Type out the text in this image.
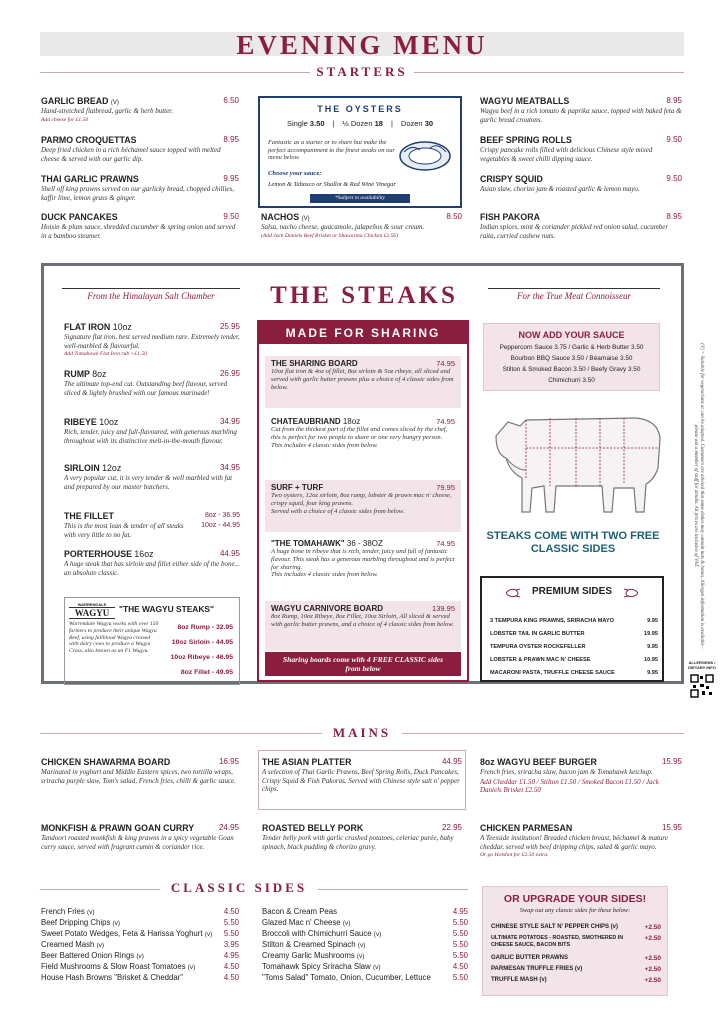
EVENING MENU
STARTERS
GARLIC BREAD (V)	6.50
Hand-stretched flatbread, garlic & herb butter.
Add cheese for £1.50
PARMO CROQUETTAS	8.95
Deep fried chicken in a rich béchamel sauce topped with melted cheese & served with our garlic dip.
THAI GARLIC PRAWNS	9.95
Shell off king prawns served on our garlicky bread, chopped chillies, kaffir lime, lemon grass & ginger.
DUCK PANCAKES	9.50
Hoisin & plum sauce, shredded cucumber & spring onion and served in a bamboo steamer.
THE OYSTERS
Single 3.50 | ½ Dozen 18 | Dozen 30
Fantastic as a starter or to share but make the perfect accompaniment to the finest steaks on our menu below.
Choose your sauce:
Lemon & Tabasco or Shallot & Red Wine Vinegar
*Subject to availability
NACHOS (V)	8.50
Salsa, nacho cheese, guacamole, jalapeños & sour cream.
(Add Jack Daniels Beef Brisket or Shawarma Chicken £2.95)
WAGYU MEATBALLS	8.95
Wagyu beef in a rich tomato & paprika sauce, topped with baked feta & garlic bread croutons.
BEEF SPRING ROLLS	9.50
Crispy pancake rolls filled with delicious Chinese style mixed vegetables & sweet chilli dipping sauce.
CRISPY SQUID	9.50
Asian slaw, chorizo jam & roasted garlic & lemon mayo.
FISH PAKORA	8.95
Indian spices, mint & coriander pickled red onion salad, cucumber raita, curried cashew nuts.
From the Himalayan Salt Chamber	For the True Meat Connoisseur
THE STEAKS
FLAT IRON 10oz	25.95
Signature flat iron, best served medium rare. Extremely tender, well-marbled & flavourful.
Add Tomahawk Flat Iron rub +£1.50
RUMP 8oz	26.95
The ultimate top-end cut. Outstanding beef flavour, served sliced & lightly brushed with our famous marinade!
RIBEYE 10oz	34.95
Rich, tender, juicy and full-flavoured, with generous marbling throughout with its distinctive melt-in-the-mouth flavour.
SIRLOIN 12oz	34.95
A very popular cut, it is very tender & well marbled with fat and prepared by our master butchers.
THE FILLET
This is the most lean & tender of all steaks with very little to no fat.
8oz - 36.95
10oz - 44.95
PORTERHOUSE 16oz	44.95
A huge steak that has sirloin and fillet either side of the bone... an absolute classic.
WARRENDALE
WAGYU	"THE WAGYU STEAKS"
Warrendale Wagyu works with over 150 farmers to produce their unique Wagyu Beef, using fullblood Wagyu crossed with dairy cows to produce a Wagyu Cross, also known as an F1 Wagyu.
8oz Rump - 32.95
10oz Sirloin - 44.95
10oz Ribeye - 46.95
8oz Fillet - 49.95
MADE FOR SHARING
THE SHARING BOARD	74.95
10oz flat iron & 4oz of fillet, 8oz sirloin & 5oz ribeye, all sliced and served with garlic butter prawns plus a choice of 4 classic sides from below.
CHATEAUBRIAND 18oz	74.95
Cut from the thickest part of the fillet and comes sliced by the chef, this is perfect for two people to share or one very hungry person.
This includes 4 classic sides from below.
SURF + TURF	79.95
Two oysters, 12oz sirloin, 8oz rump, lobster & prawn mac n' cheese, crispy squid, four king prawns.
Served with a choice of 4 classic sides from below.
"THE TOMAHAWK" 36 - 38OZ	74.95
A huge bone in ribeye that is rich, tender, juicy and full of fantastic flavour. This steak has a generous marbling throughout and is perfect for sharing.
This includes 4 classic sides from below.
WAGYU CARNIVORE BOARD	139.95
8oz Rump, 10oz Ribeye, 8oz Fillet, 10oz Sirloin, All sliced & served with garlic butter prawns, and a choice of 4 classic sides from below.
Sharing boards come with 4 FREE CLASSIC sides from below
NOW ADD YOUR SAUCE
Peppercorn Sauce 3.75 / Garlic & Herb Butter 3.50
Bourbon BBQ Sauce 3.50 / Béarnaise 3.50
Stilton & Smoked Bacon 3.50 / Beefy Gravy 3.50
Chimichurri 3.50
STEAKS COME WITH TWO FREE CLASSIC SIDES
PREMIUM SIDES
3 TEMPURA KING PRAWNS, SRIRACHA MAYO	9.95
LOBSTER TAIL IN GARLIC BUTTER	19.95
TEMPURA OYSTER ROCKEFELLER	9.95
LOBSTER & PRAWN MAC N' CHEESE	10.95
MACARONI PASTA, TRUFFLE CHEESE SAUCE	9.95
(V) = Suitable for vegetarians or can be adapted. Customers are advised that some dishes may contain nuts & bones. Allergen information is available - please ask a member of staff for details. All prices are inclusive of VAT.
ALLERGENS / DIETARY INFO
MAINS
CHICKEN SHAWARMA BOARD	16.95
Marinated in yoghurt and Middle Eastern spices, two tortilla wraps, sriracha purple slaw, Tom's salad, French fries, chilli & garlic sauce.
THE ASIAN PLATTER	44.95
A selection of Thai Garlic Prawns, Beef Spring Rolls, Duck Pancakes, Crispy Squid & Fish Pakoras. Served with Chinese style salt n' pepper chips.
8oz WAGYU BEEF BURGER	15.95
French fries, sriracha slaw, bacon jam & Tomahawk ketchup.
Add Cheddar £1.50 / Stilton £1.50 / Smoked Bacon £1.50 / Jack Daniels Brisket £2.50
MONKFISH & PRAWN GOAN CURRY	24.95
Tandoori roasted monkfish & king prawns in a spicy vegetable Goan curry sauce, served with fragrant cumin & coriander rice.
ROASTED BELLY PORK	22.95
Tender belly pork with garlic crushed potatoes, celeriac purée, baby spinach, black pudding & chorizo gravy.
CHICKEN PARMESAN	15.95
A Teesside institution! Breaded chicken breast, béchamel & mature cheddar, served with beef dripping chips, salad & garlic mayo.
Or go Hotshot for £2.50 extra.
CLASSIC SIDES
French Fries (v)	4.50
Beef Dripping Chips (v)	5.50
Sweet Potato Wedges, Feta & Harissa Yoghurt (v) 5.50
Creamed Mash (v)	3.95
Beer Battered Onion Rings (v)	4.95
Field Mushrooms & Slow Roast Tomatoes (v)	4.50
House Hash Browns "Brisket & Cheddar"	4.50
Bacon & Cream Peas	4.95
Glazed Mac n' Cheese (v)	5.50
Broccoli with Chimichurri Sauce (v)	5.50
Stilton & Creamed Spinach (v)	5.50
Creamy Garlic Mushrooms (v)	5.50
Tomahawk Spicy Sriracha Slaw (v)	4.50
"Toms Salad" Tomato, Onion, Cucumber, Lettuce	5.50
OR UPGRADE YOUR SIDES!
Swap out any classic sides for these below:
CHINESE STYLE SALT N' PEPPER CHIPS (v)	+2.50
ULTIMATE POTATOES - ROASTED, SMOTHERED IN CHEESE SAUCE, BACON BITS
+2.50
GARLIC BUTTER PRAWNS	+2.50
PARMESAN TRUFFLE FRIES (v)	+2.50
TRUFFLE MASH (v)	+2.50
